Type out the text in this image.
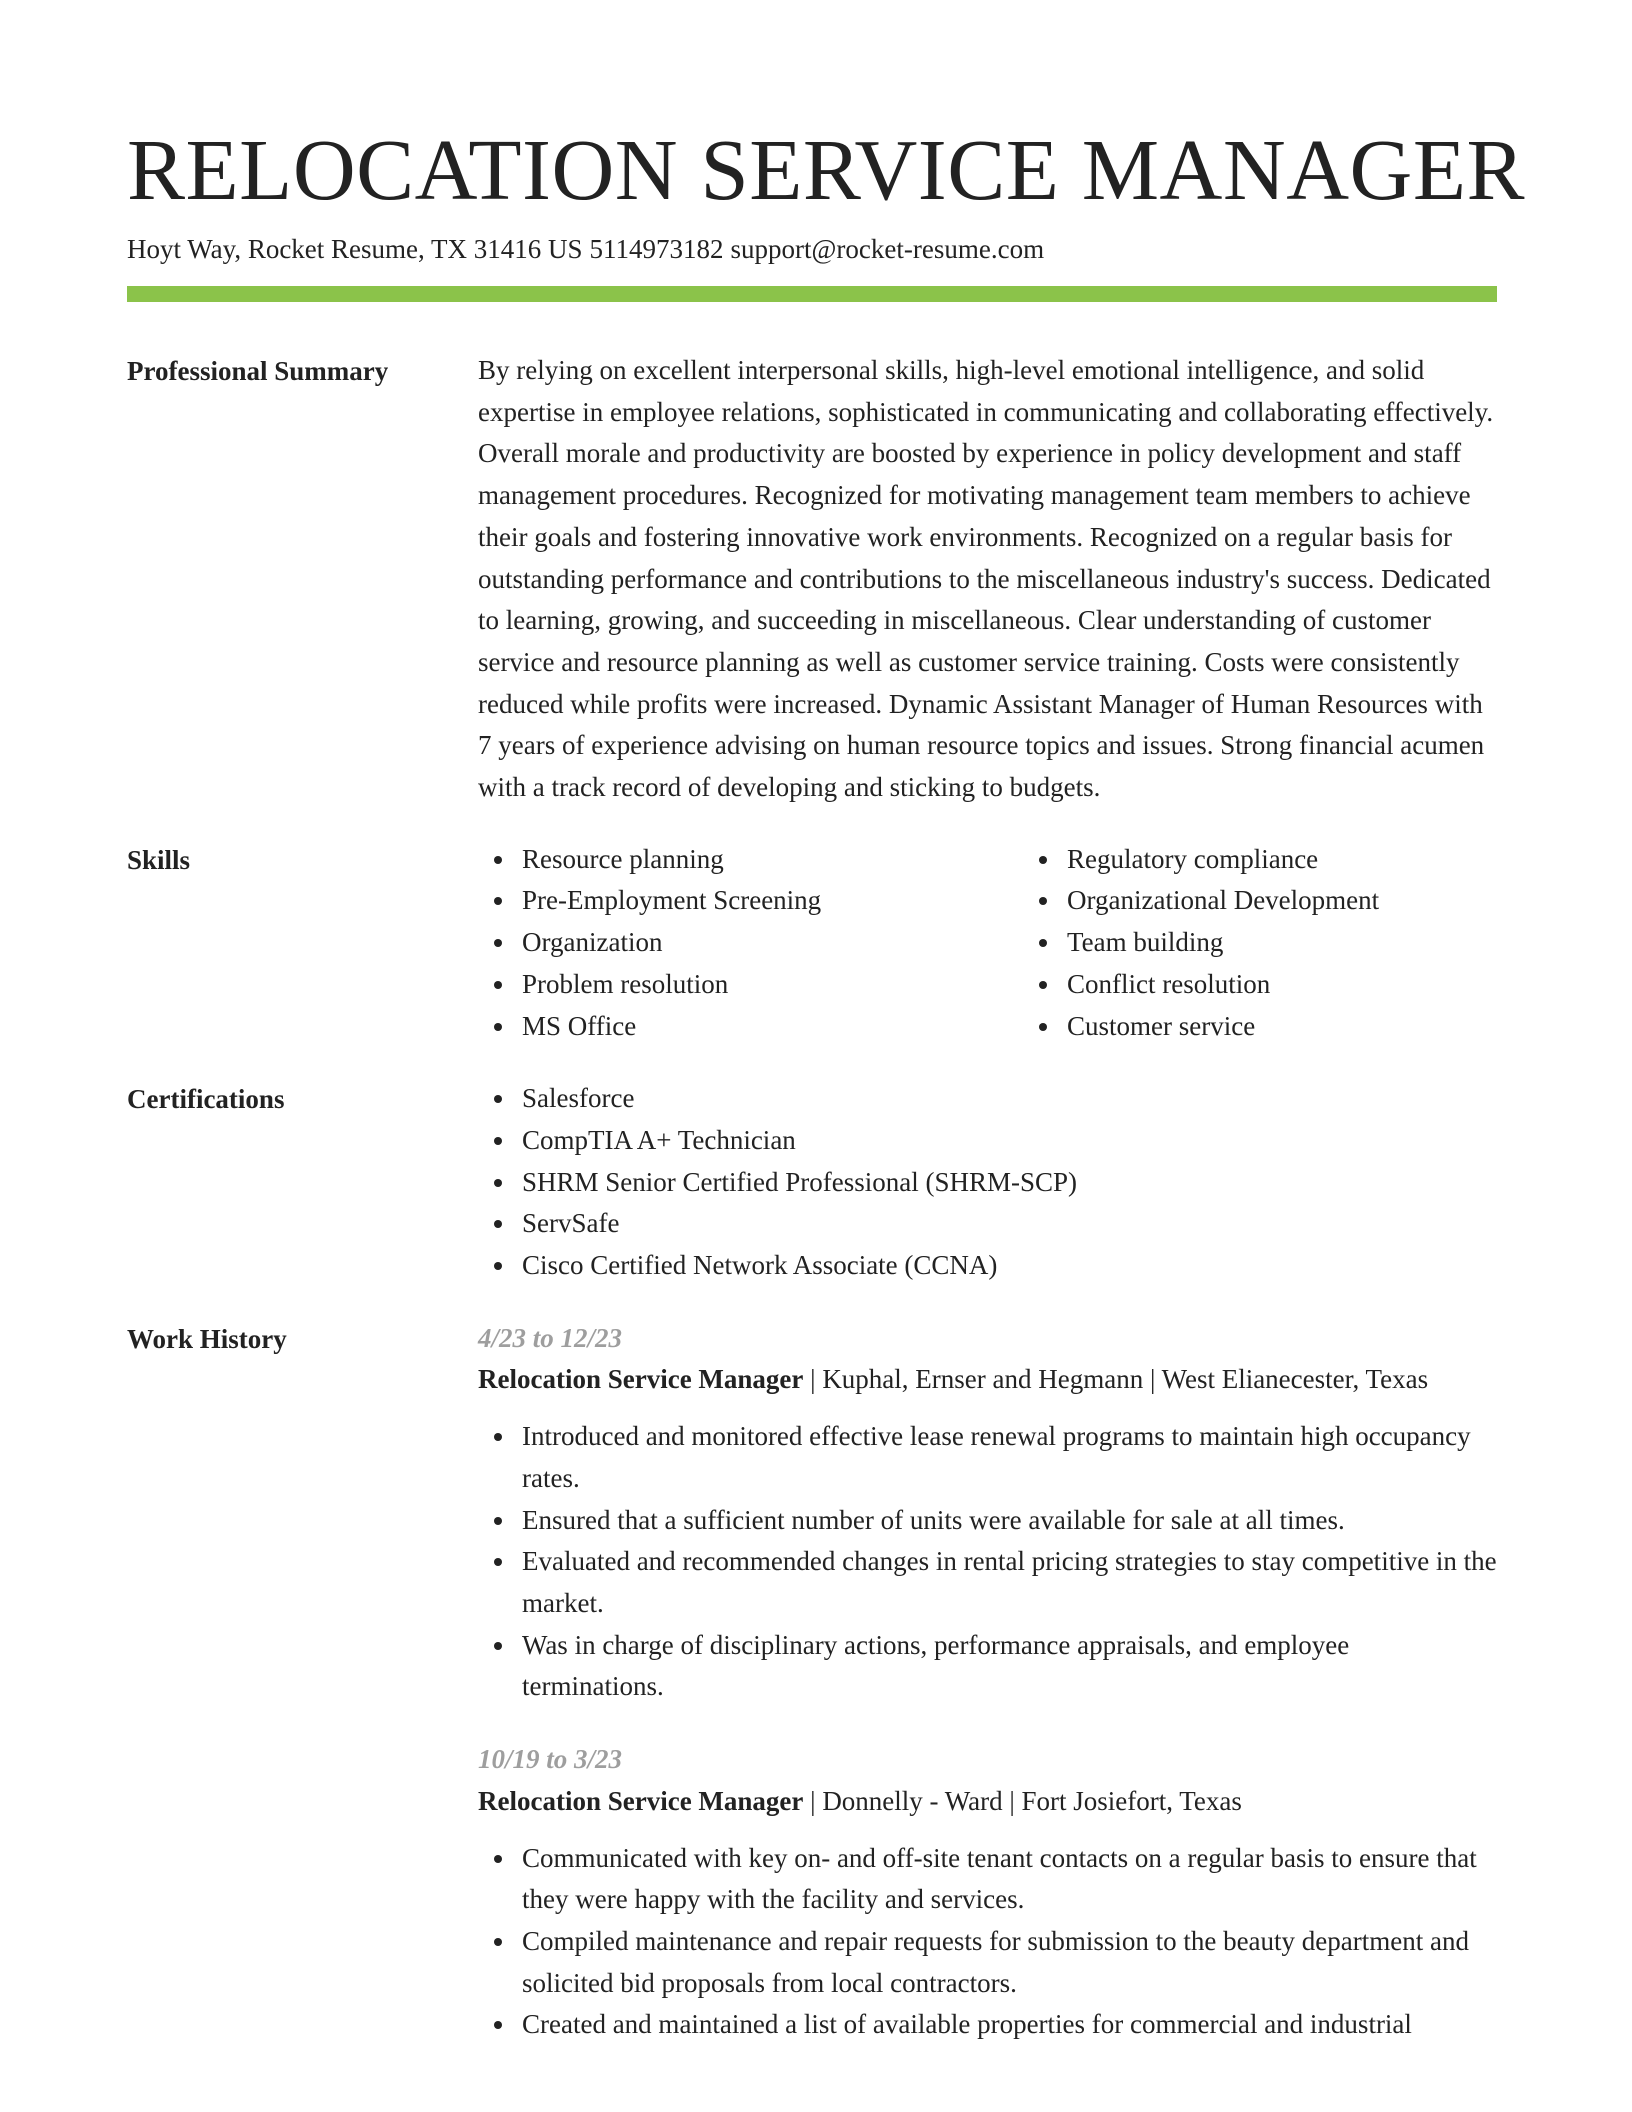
RELOCATION SERVICE MANAGER
Hoyt Way, Rocket Resume, TX 31416 US 5114973182 support@rocket-resume.com
Professional Summary	By relying on excellent interpersonal skills, high-level emotional intelligence, and solid expertise in employee relations, sophisticated in communicating and collaborating effectively. Overall morale and productivity are boosted by experience in policy development and staff management procedures. Recognized for motivating management team members to achieve their goals and fostering innovative work environments. Recognized on a regular basis for outstanding performance and contributions to the miscellaneous industry's success. Dedicated to learning, growing, and succeeding in miscellaneous. Clear understanding of customer service and resource planning as well as customer service training. Costs were consistently reduced while profits were increased. Dynamic Assistant Manager of Human Resources with 7 years of experience advising on human resource topics and issues. Strong financial acumen with a track record of developing and sticking to budgets.

Skills	Resource planning
Pre-Employment Screening
Organization
Problem resolution
MS Office
Regulatory compliance
Organizational Development
Team building
Conflict resolution
Customer service
Certifications	Salesforce
CompTIA A+ Technician
SHRM Senior Certified Professional (SHRM-SCP)
ServSafe
Cisco Certified Network Associate (CCNA)
Work History	4/23 to 12/23
Relocation Service Manager | Kuphal, Ernser and Hegmann | West Elianecester, Texas
Introduced and monitored effective lease renewal programs to maintain high occupancy rates.
Ensured that a sufficient number of units were available for sale at all times.
Evaluated and recommended changes in rental pricing strategies to stay competitive in the market.
Was in charge of disciplinary actions, performance appraisals, and employee terminations.
10/19 to 3/23
Relocation Service Manager | Donnelly - Ward | Fort Josiefort, Texas
Communicated with key on- and off-site tenant contacts on a regular basis to ensure that they were happy with the facility and services.
Compiled maintenance and repair requests for submission to the beauty department and solicited bid proposals from local contractors.
Created and maintained a list of available properties for commercial and industrial
